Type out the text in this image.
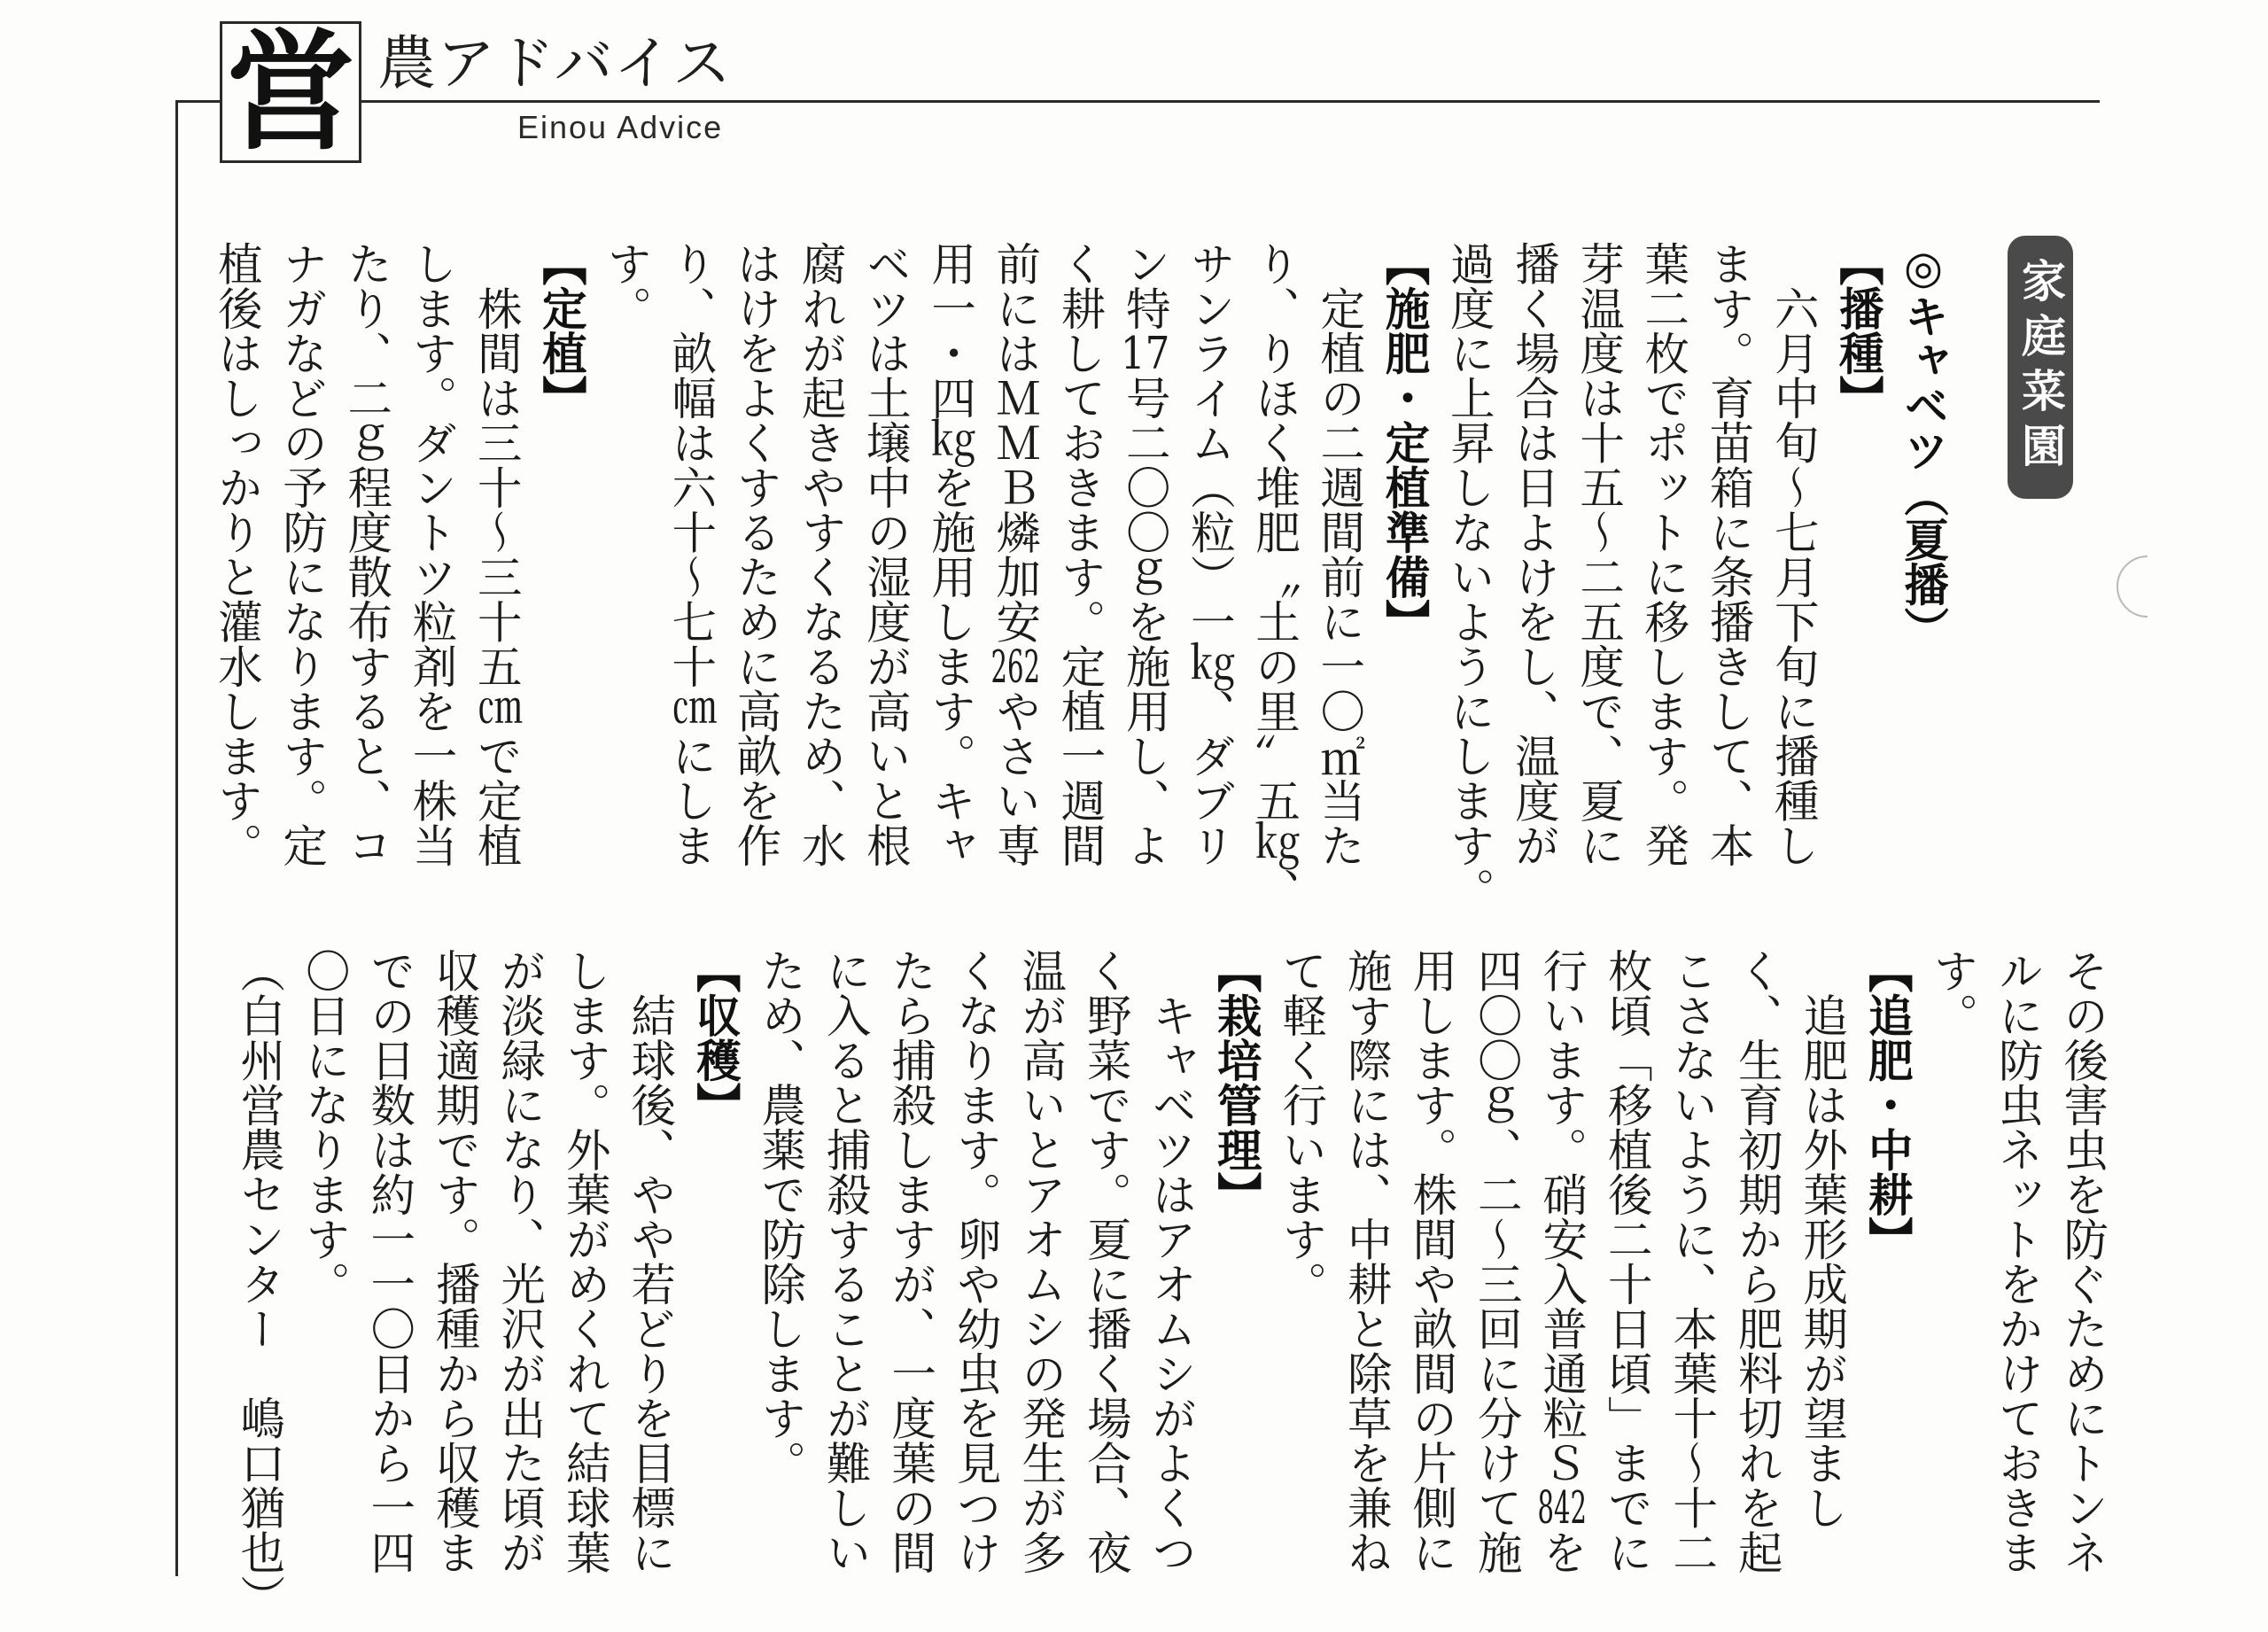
営 農アドバイス
Einou Advice
家庭菜園
◎キャベツ（夏播）
【播種】
　六月中旬～七月下旬に播種し
ます。育苗箱に条播きして、本
葉二枚でポットに移します。発
芽温度は十五～二五度で、夏に
播く場合は日よけをし、温度が
過度に上昇しないようにします。
【施肥・定植準備】
　定植の二週間前に一〇㎡当た
り、りほく堆肥〝土の里〟五㎏、
サンライム（粒）一㎏、ダブリ
ン特17号二〇〇ｇを施用し、よ
く耕しておきます。定植一週間
前にはＭＭＢ燐加安262やさい専
用一・四㎏を施用します。キャ
ベツは土壌中の湿度が高いと根
腐れが起きやすくなるため、水
はけをよくするために高畝を作
り、畝幅は六十～七十㎝にしま
す。
【定植】
　株間は三十～三十五㎝で定植
します。ダントツ粒剤を一株当
たり、二ｇ程度散布すると、コ
ナガなどの予防になります。定
植後はしっかりと灌水します。
その後害虫を防ぐためにトンネ
ルに防虫ネットをかけておきま
す。
【追肥・中耕】
　追肥は外葉形成期が望まし
く、生育初期から肥料切れを起
こさないように、本葉十～十二
枚頃「移植後二十日頃」までに
行います。硝安入普通粒Ｓ842を
四〇〇ｇ、二～三回に分けて施
用します。株間や畝間の片側に
施す際には、中耕と除草を兼ね
て軽く行います。
【栽培管理】
　キャベツはアオムシがよくつ
く野菜です。夏に播く場合、夜
温が高いとアオムシの発生が多
くなります。卵や幼虫を見つけ
たら捕殺しますが、一度葉の間
に入ると捕殺することが難しい
ため、農薬で防除します。
【収穫】
　結球後、やや若どりを目標に
します。外葉がめくれて結球葉
が淡緑になり、光沢が出た頃が
収穫適期です。播種から収穫ま
での日数は約一一〇日から一四
〇日になります。
（白州営農センター　嶋口猶也）
